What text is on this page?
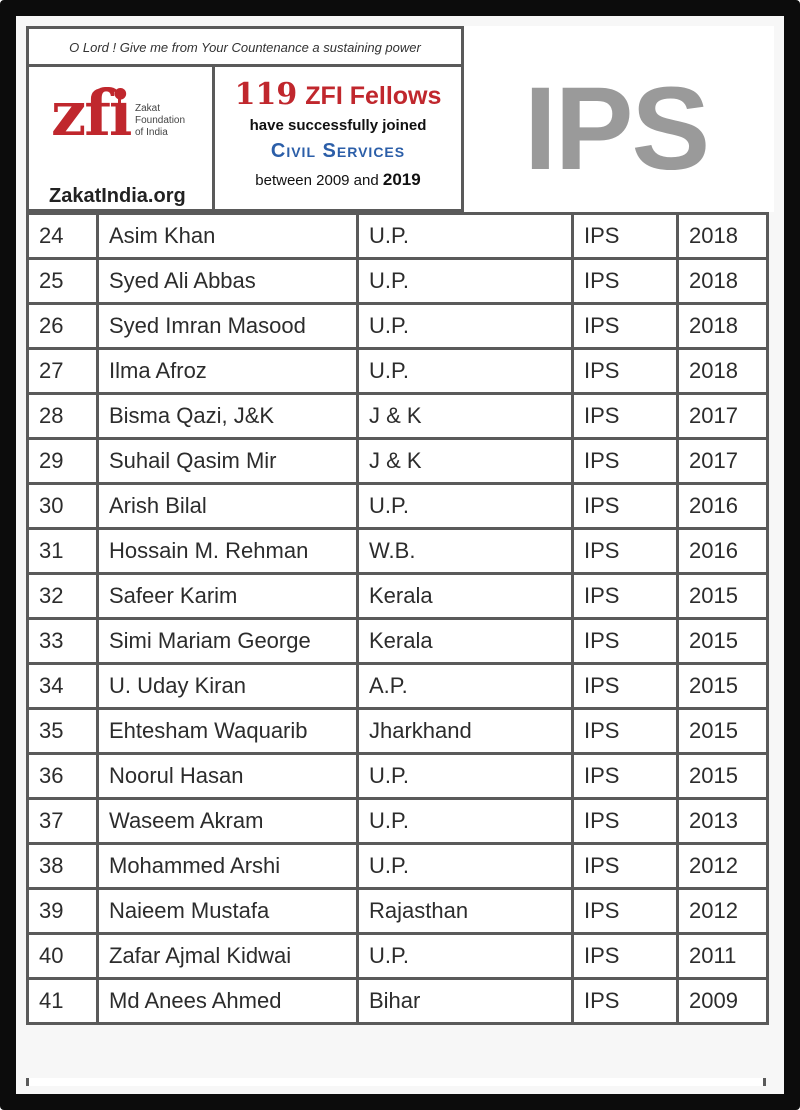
O Lord ! Give me from Your Countenance a sustaining power
zfi Zakat
Foundation
of India
ZakatIndia.org
119 ZFI Fellows
have successfully joined
Civil Services
between 2009 and 2019 IPS
24	Asim Khan	U.P.	IPS	2018
25	Syed Ali Abbas	U.P.	IPS	2018
26	Syed Imran Masood	U.P.	IPS	2018
27	Ilma Afroz	U.P.	IPS	2018
28	Bisma Qazi, J&K	J & K	IPS	2017
29	Suhail Qasim Mir	J & K	IPS	2017
30	Arish Bilal	U.P.	IPS	2016
31	Hossain M. Rehman	W.B.	IPS	2016
32	Safeer Karim	Kerala	IPS	2015
33	Simi Mariam George	Kerala	IPS	2015
34	U. Uday Kiran	A.P.	IPS	2015
35	Ehtesham Waquarib	Jharkhand	IPS	2015
36	Noorul Hasan	U.P.	IPS	2015
37	Waseem Akram	U.P.	IPS	2013
38	Mohammed Arshi	U.P.	IPS	2012
39	Naieem Mustafa	Rajasthan	IPS	2012
40	Zafar Ajmal Kidwai	U.P.	IPS	2011
41	Md Anees Ahmed	Bihar	IPS	2009
